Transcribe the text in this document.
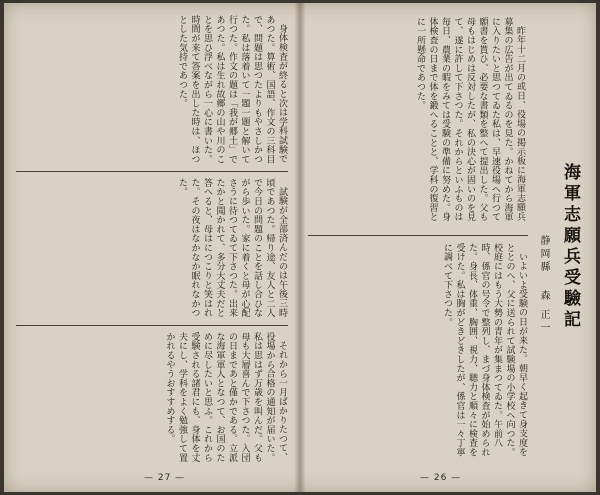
昨年十二月の或日、役場の掲示板に海軍志願兵募集の広告が出てゐるのを見た。かねてから海軍に入りたいと思つてゐた私は、早速役場へ行つて願書を貰ひ、必要な書類を整へて提出した。父も母もはじめは反対したが、私の決心が固いのを見て、遂に許して下さつた。それからといふものは毎日、農業の暇をみては受験の準備に努めた。身体検査の日まで体を鍛へることと、学科の復習とに一所懸命であつた。

海軍志願兵受驗記
静岡縣 森 正一

いよいよ受験の日が来た。朝早く起きて身支度をととのへ、父に送られて試験場の小学校へ向つた。校庭にはもう大勢の青年が集まつてゐた。午前八時、係官の号令で整列し、まづ身体検査が始められた。身長、体重、胸囲、視力、聴力と順々に検査を受けた。私は胸がどきどきしたが、係官は一々丁寧に調べて下さつた。

— 26 —

身体検査が終ると次は学科試験であつた。算術、国語、作文の三科目で、問題は思つたよりもやさしかつた。私は落着いて一題一題と解いて行つた。作文の題は「我が郷土」であつた。私は生れ故郷の山や川のことを思ひ浮べながら一心に書いた。時間が来て答案を出した時は、ほつとした気持であつた。

試験が全部済んだのは午後三時頃であつた。帰り途、友人と二人で今日の問題のことを話し合ひながら歩いた。家に着くと母が心配さうに待つてゐて下さつた。出来たかと聞かれて、多分大丈夫だと答へると、母はにつこりと笑はれた。その夜はなかなか眠れなかつた。

それから一月ばかりたつて、役場から合格の通知が届いた。私は思はず万歳を叫んだ。父も母も大層喜んで下さつた。入団の日まであと僅かである。立派な海軍軍人となつて、お国のために尽したいと思ふ。これから受験される諸君にも、身体を丈夫にし、学科をよく勉強して置かれるやうおすすめする。

— 27 —
